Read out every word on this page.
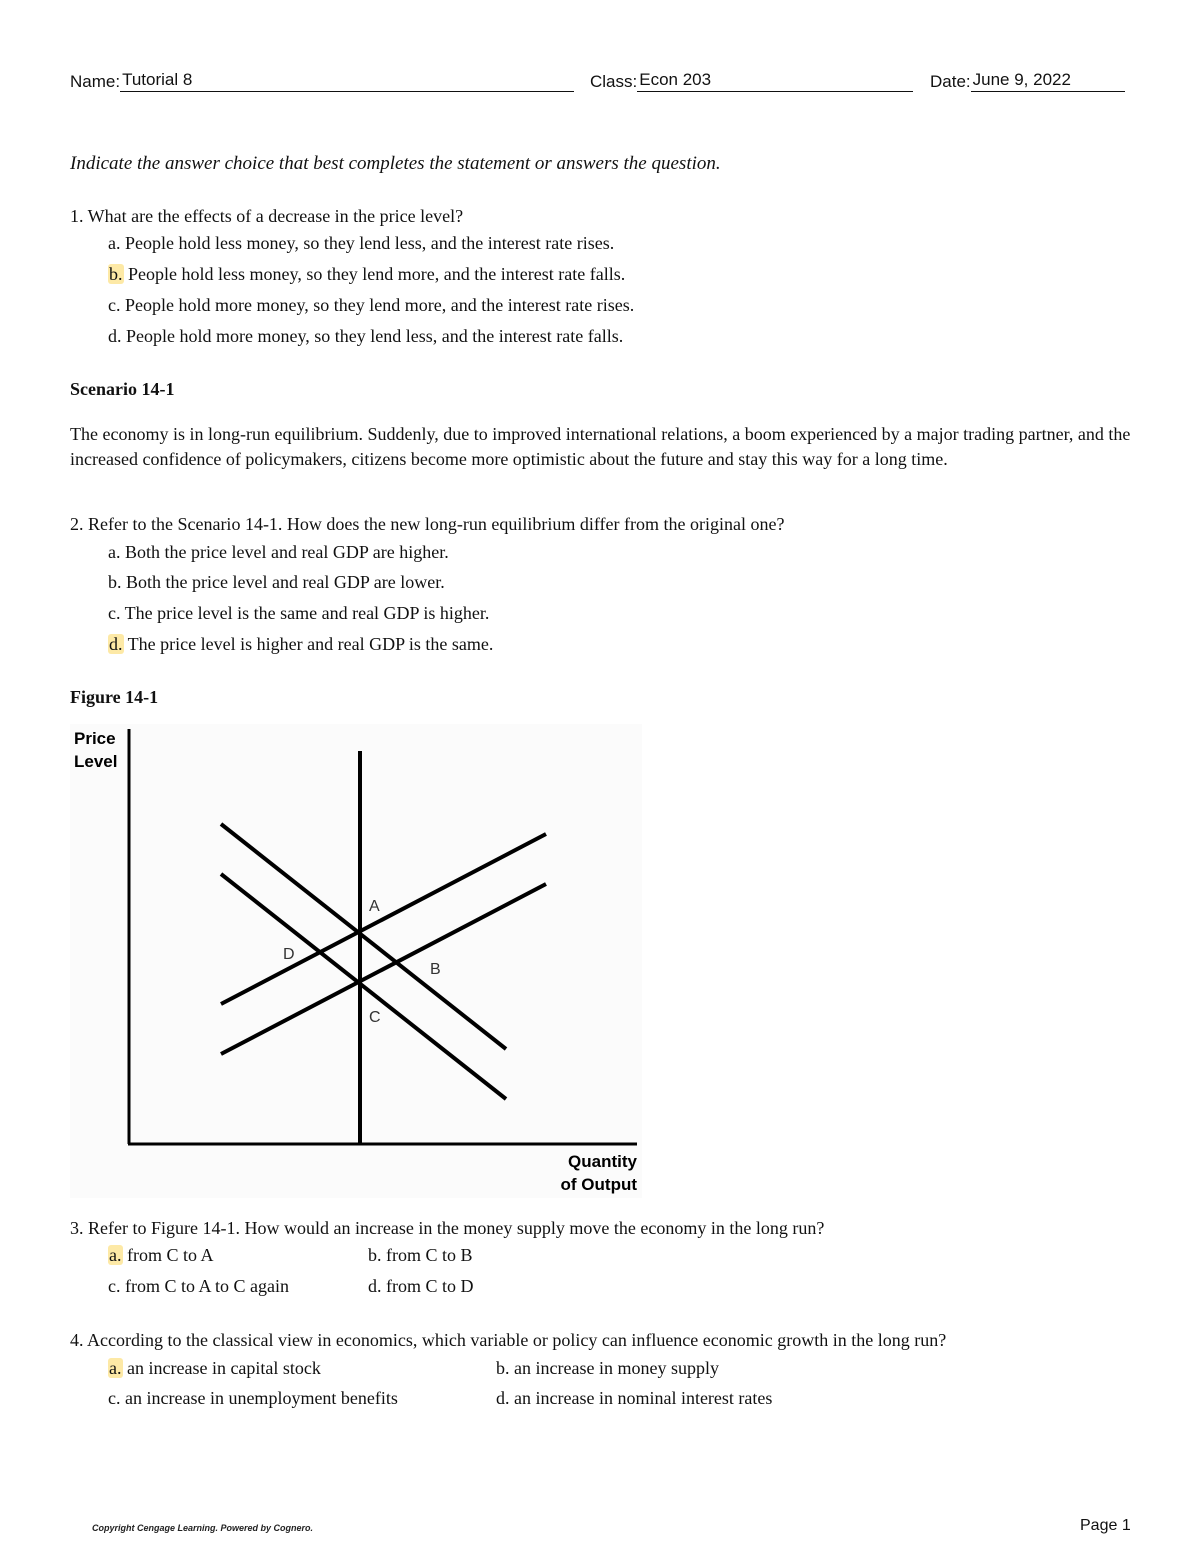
Name: Tutorial 8	Class: Econ 203	Date: June 9, 2022
Indicate the answer choice that best completes the statement or answers the question.
1. What are the effects of a decrease in the price level?
a. People hold less money, so they lend less, and the interest rate rises.
b. People hold less money, so they lend more, and the interest rate falls.
c. People hold more money, so they lend more, and the interest rate rises.
d. People hold more money, so they lend less, and the interest rate falls.
Scenario 14-1
The economy is in long-run equilibrium. Suddenly, due to improved international relations, a boom experienced by a major trading partner, and the increased confidence of policymakers, citizens become more optimistic about the future and stay this way for a long time.
2. Refer to the Scenario 14-1. How does the new long-run equilibrium differ from the original one?
a. Both the price level and real GDP are higher.
b. Both the price level and real GDP are lower.
c. The price level is the same and real GDP is higher.
d. The price level is higher and real GDP is the same.
Figure 14-1
Price
Level
Quantity
of Output
A
B
C
D
3. Refer to Figure 14-1. How would an increase in the money supply move the economy in the long run?
a. from C to A	b. from C to B
c. from C to A to C again	d. from C to D
4. According to the classical view in economics, which variable or policy can influence economic growth in the long run?
a. an increase in capital stock	b. an increase in money supply
c. an increase in unemployment benefits	d. an increase in nominal interest rates
Copyright Cengage Learning. Powered by Cognero.	Page 1
